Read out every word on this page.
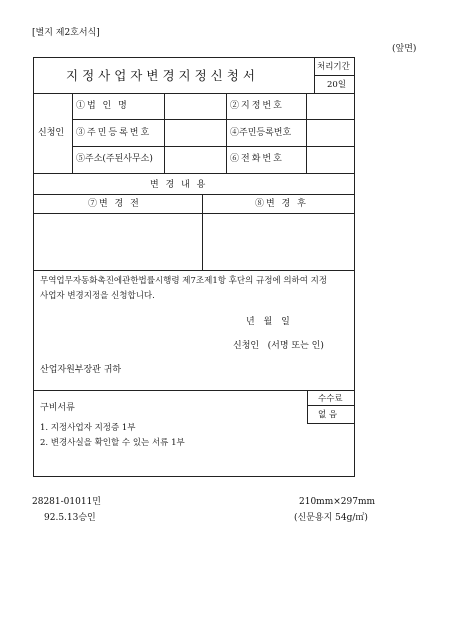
[별지 제2호서식]
(앞면)
지정사업자변경지정신청서
처리기간
20일
신청인
①법 인 명	②지정번호
③주민등록번호	④주민등록번호
⑤주소(주된사무소)	⑥전화번호
변 경 내 용
⑦변 경 전	⑧변 경 후
무역업무자동화촉진에관한법률시행령 제7조제1항 후단의 규정에 의하여 지정
사업자 변경지정을 신청합니다.
년 월 일
신청인   (서명 또는 인)
산업자원부장관 귀하
수수료
없 음
구비서류
1. 지정사업자 지정증 1부
2. 변경사실을 확인할 수 있는 서류 1부
28281-01011민
92.5.13승인
210mm×297mm
(신문용지 54g/㎡)
